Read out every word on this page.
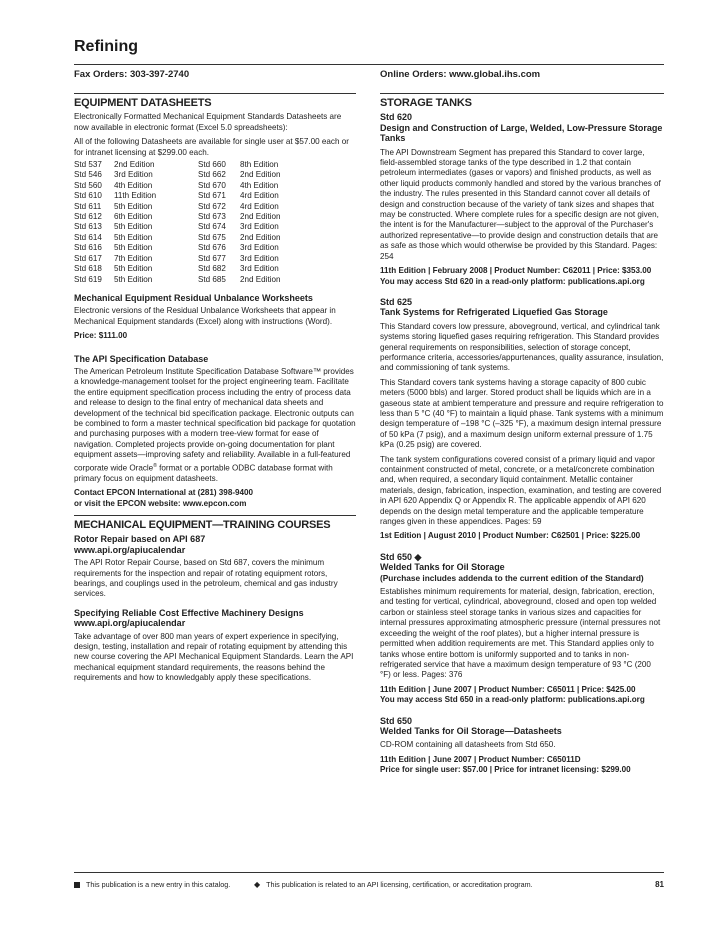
Refining
Fax Orders: 303-397-2740	Online Orders: www.global.ihs.com
EQUIPMENT DATASHEETS

Electronically Formatted Mechanical Equipment Standards Datasheets are now available in electronic format (Excel 5.0 spreadsheets):

All of the following Datasheets are available for single user at $57.00 each or for intranet licensing at $299.00 each.

Std 537	2nd Edition	Std 660	8th Edition
Std 546	3rd Edition	Std 662	2nd Edition
Std 560	4th Edition	Std 670	4th Edition
Std 610	11th Edition	Std 671	4rd Edition
Std 611	5th Edition	Std 672	4rd Edition
Std 612	6th Edition	Std 673	2nd Edition
Std 613	5th Edition	Std 674	3rd Edition
Std 614	5th Edition	Std 675	2nd Edition
Std 616	5th Edition	Std 676	3rd Edition
Std 617	7th Edition	Std 677	3rd Edition
Std 618	5th Edition	Std 682	3rd Edition
Std 619	5th Edition	Std 685	2nd Edition
Mechanical Equipment Residual Unbalance Worksheets

Electronic versions of the Residual Unbalance Worksheets that appear in Mechanical Equipment standards (Excel) along with instructions (Word).

Price: $111.00

The API Specification Database

The American Petroleum Institute Specification Database Software™ provides a knowledge-management toolset for the project engineering team. Facilitate the entire equipment specification process including the entry of process data and release to design to the final entry of mechanical data sheets and development of the technical bid specification package. Electronic outputs can be combined to form a master technical specification bid package for quotation and purchasing purposes with a modern tree-view format for ease of navigation. Completed projects provide on-going documentation for plant equipment assets—improving safety and reliability. Available in a full-featured corporate wide Oracle® format or a portable ODBC database format with primary focus on equipment datasheets.

Contact EPCON International at (281) 398-9400
or visit the EPCON website: www.epcon.com
MECHANICAL EQUIPMENT—TRAINING COURSES
Rotor Repair based on API 687
www.api.org/apiucalendar

The API Rotor Repair Course, based on Std 687, covers the minimum requirements for the inspection and repair of rotating equipment rotors, bearings, and couplings used in the petroleum, chemical and gas industry services.

Specifying Reliable Cost Effective Machinery Designs
www.api.org/apiucalendar

Take advantage of over 800 man years of expert experience in specifying, design, testing, installation and repair of rotating equipment by attending this new course covering the API Mechanical Equipment Standards. Learn the API mechanical equipment standard requirements, the reasons behind the requirements and how to knowledgably apply these specifications.

STORAGE TANKS
Std 620
Design and Construction of Large, Welded, Low-Pressure Storage Tanks

The API Downstream Segment has prepared this Standard to cover large, field-assembled storage tanks of the type described in 1.2 that contain petroleum intermediates (gases or vapors) and finished products, as well as other liquid products commonly handled and stored by the various branches of the industry. The rules presented in this Standard cannot cover all details of design and construction because of the variety of tank sizes and shapes that may be constructed. Where complete rules for a specific design are not given, the intent is for the Manufacturer—subject to the approval of the Purchaser's authorized representative—to provide design and construction details that are as safe as those which would otherwise be provided by this Standard. Pages: 254

11th Edition | February 2008 | Product Number: C62011 | Price: $353.00
You may access Std 620 in a read-only platform: publications.api.org
Std 625
Tank Systems for Refrigerated Liquefied Gas Storage

This Standard covers low pressure, aboveground, vertical, and cylindrical tank systems storing liquefied gases requiring refrigeration. This Standard provides general requirements on responsibilities, selection of storage concept, performance criteria, accessories/appurtenances, quality assurance, insulation, and commissioning of tank systems.

This Standard covers tank systems having a storage capacity of 800 cubic meters (5000 bbls) and larger. Stored product shall be liquids which are in a gaseous state at ambient temperature and pressure and require refrigeration to less than 5 °C (40 °F) to maintain a liquid phase. Tank systems with a minimum design temperature of –198 °C (–325 °F), a maximum design internal pressure of 50 kPa (7 psig), and a maximum design uniform external pressure of 1.75 kPa (0.25 psig) are covered.

The tank system configurations covered consist of a primary liquid and vapor containment constructed of metal, concrete, or a metal/concrete combination and, when required, a secondary liquid containment. Metallic container materials, design, fabrication, inspection, examination, and testing are covered in API 620 Appendix Q or Appendix R. The applicable appendix of API 620 depends on the design metal temperature and the applicable temperature ranges given in these appendices. Pages: 59

1st Edition | August 2010 | Product Number: C62501 | Price: $225.00
Std 650 ◆
Welded Tanks for Oil Storage
(Purchase includes addenda to the current edition of the Standard)

Establishes minimum requirements for material, design, fabrication, erection, and testing for vertical, cylindrical, aboveground, closed and open top welded carbon or stainless steel storage tanks in various sizes and capacities for internal pressures approximating atmospheric pressure (internal pressures not exceeding the weight of the roof plates), but a higher internal pressure is permitted when addition requirements are met. This Standard applies only to tanks whose entire bottom is uniformly supported and to tanks in non-refrigerated service that have a maximum design temperature of 93 °C (200 °F) or less. Pages: 376

11th Edition | June 2007 | Product Number: C65011 | Price: $425.00
You may access Std 650 in a read-only platform: publications.api.org
Std 650
Welded Tanks for Oil Storage—Datasheets

CD-ROM containing all datasheets from Std 650.

11th Edition | June 2007 | Product Number: C65011D
Price for single user: $57.00 | Price for intranet licensing: $299.00
This publication is a new entry in this catalog.	◆ This publication is related to an API licensing, certification, or accreditation program.	81
